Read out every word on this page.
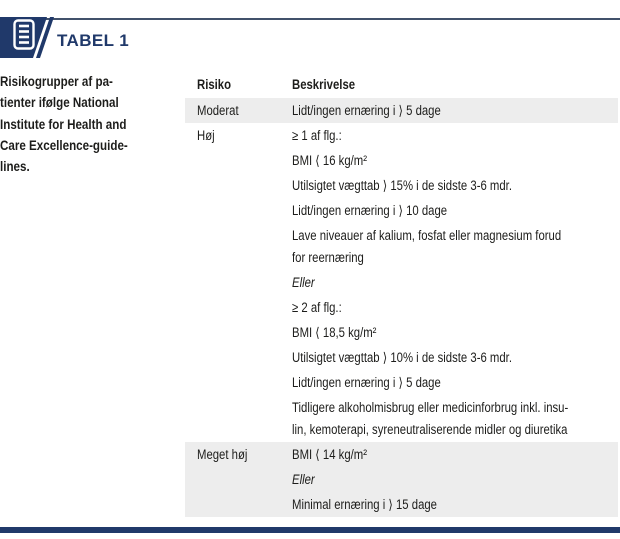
TABEL 1
Risikogrupper af pa-
tienter ifølge National
Institute for Health and
Care Excellence-guide-
lines.
Risiko	Beskrivelse
Moderat	Lidt/ingen ernæring i ⟩ 5 dage
Høj	≥ 1 af flg.:
BMI ⟨ 16 kg/m²
Utilsigtet vægttab ⟩ 15% i de sidste 3-6 mdr.
Lidt/ingen ernæring i ⟩ 10 dage
Lave niveauer af kalium, fosfat eller magnesium forud
for reernæring
Eller
≥ 2 af flg.:
BMI ⟨ 18,5 kg/m²
Utilsigtet vægttab ⟩ 10% i de sidste 3-6 mdr.
Lidt/ingen ernæring i ⟩ 5 dage
Tidligere alkoholmisbrug eller medicinforbrug inkl. insu-
lin, kemoterapi, syreneutraliserende midler og diuretika
Meget høj	BMI ⟨ 14 kg/m²
Eller
Minimal ernæring i ⟩ 15 dage
